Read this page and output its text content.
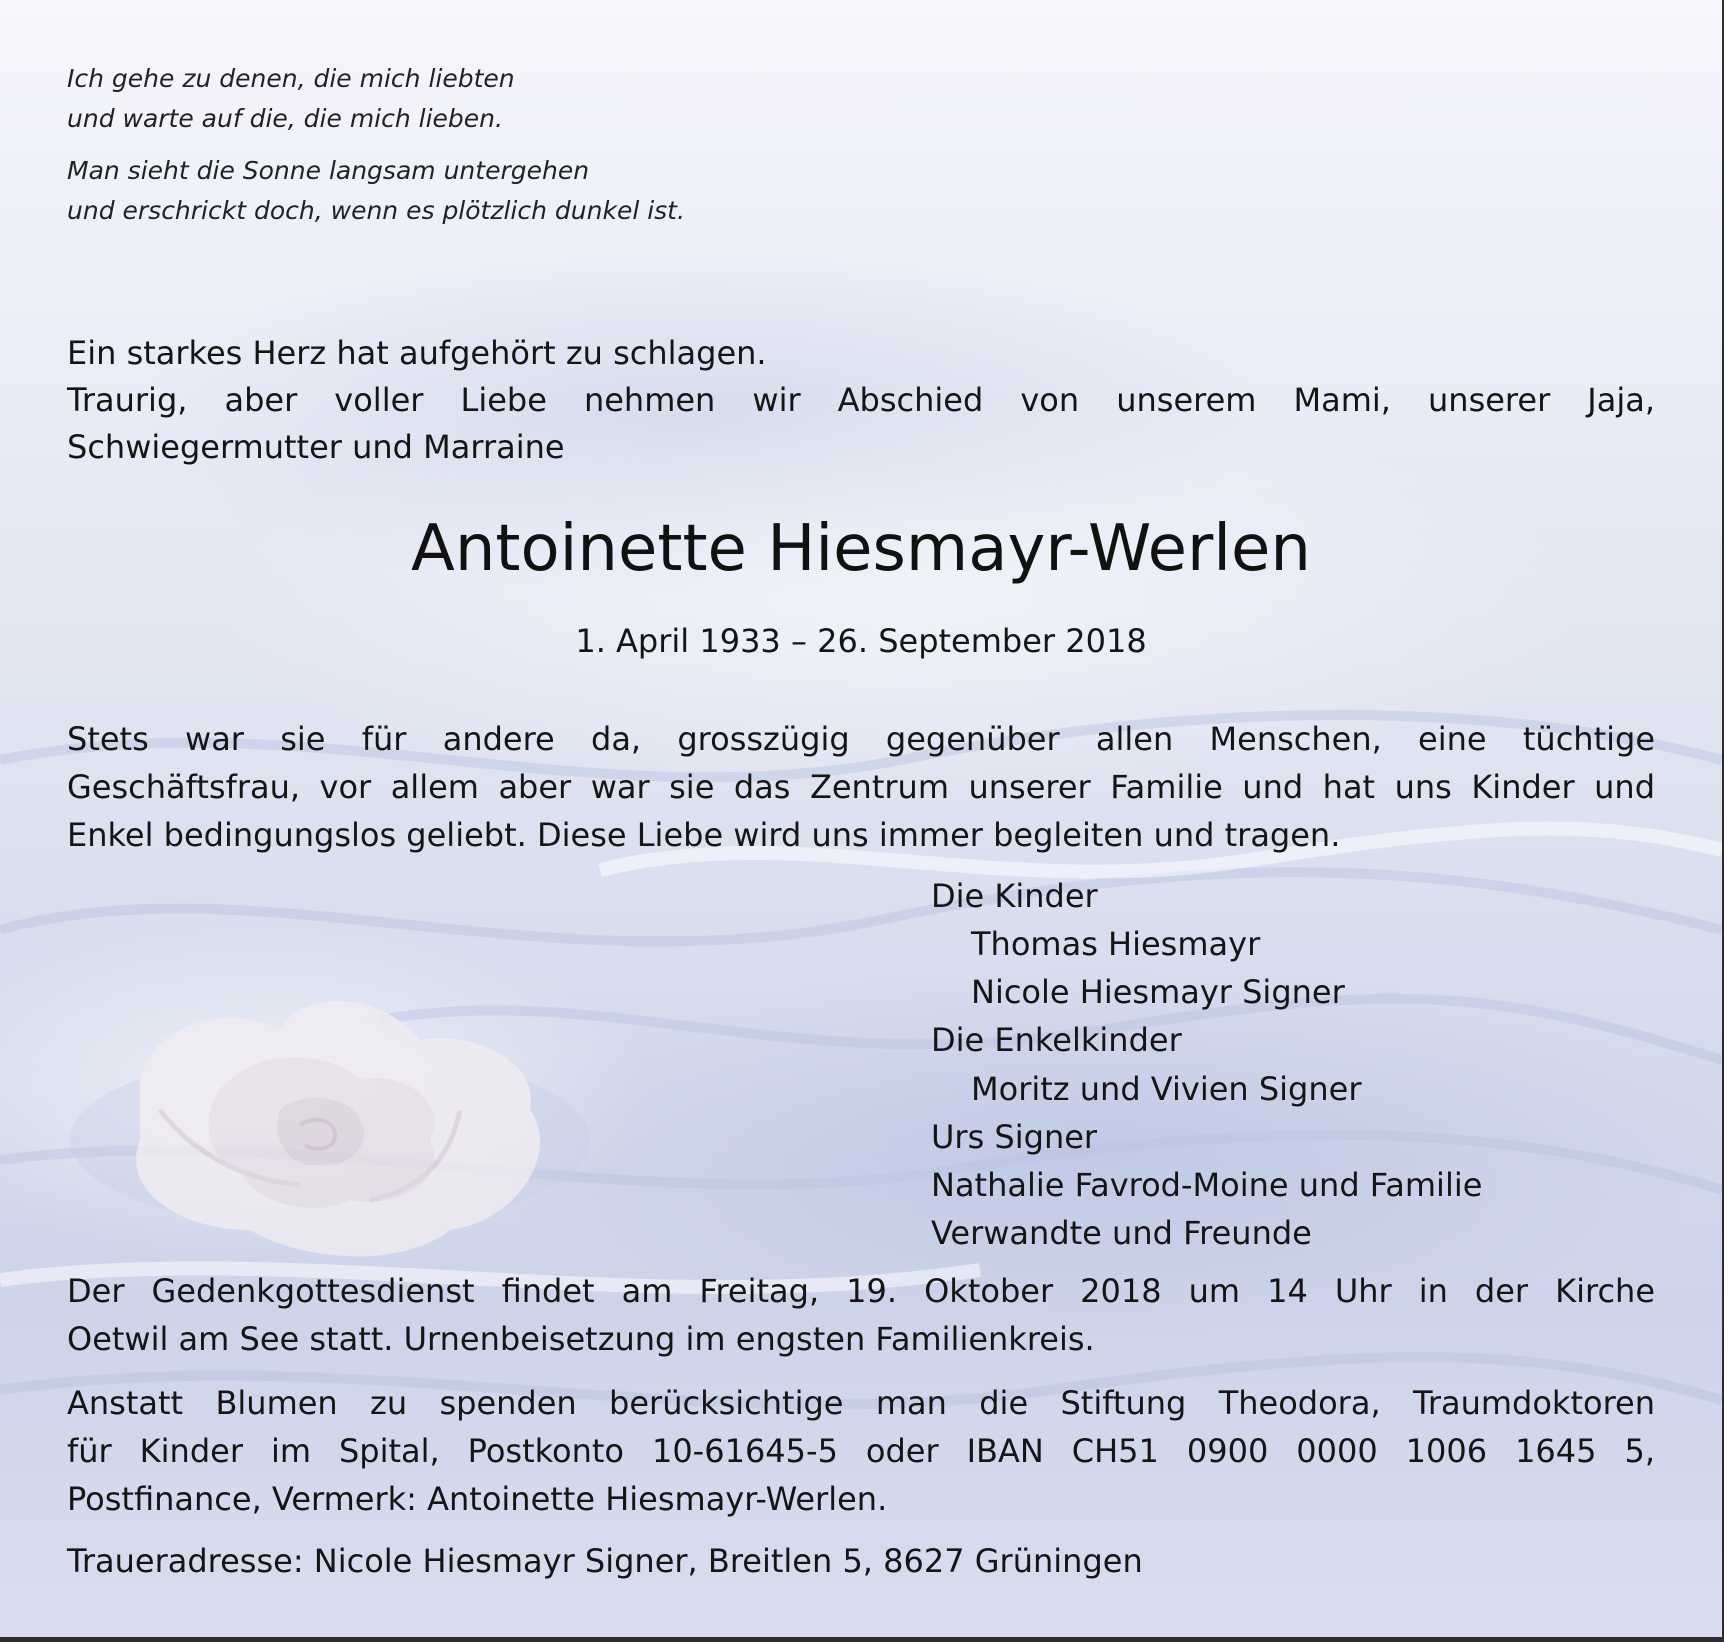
Ich gehe zu denen, die mich liebten
und warte auf die, die mich lieben.
Man sieht die Sonne langsam untergehen
und erschrickt doch, wenn es plötzlich dunkel ist.
Ein starkes Herz hat aufgehört zu schlagen.
Traurig, aber voller Liebe nehmen wir Abschied von unserem Mami, unserer Jaja,
Schwiegermutter und Marraine
Antoinette Hiesmayr-Werlen
1. April 1933 – 26. September 2018
Stets war sie für andere da, grosszügig gegenüber allen Menschen, eine tüchtige
Geschäftsfrau, vor allem aber war sie das Zentrum unserer Familie und hat uns Kinder und
Enkel bedingungslos geliebt. Diese Liebe wird uns immer begleiten und tragen.
Die Kinder
Thomas Hiesmayr
Nicole Hiesmayr Signer
Die Enkelkinder
Moritz und Vivien Signer
Urs Signer
Nathalie Favrod-Moine und Familie
Verwandte und Freunde
Der Gedenkgottesdienst findet am Freitag, 19. Oktober 2018 um 14 Uhr in der Kirche
Oetwil am See statt. Urnenbeisetzung im engsten Familienkreis.
Anstatt Blumen zu spenden berücksichtige man die Stiftung Theodora, Traumdoktoren
für Kinder im Spital, Postkonto 10-61645-5 oder IBAN CH51 0900 0000 1006 1645 5,
Postfinance, Vermerk: Antoinette Hiesmayr-Werlen.
Traueradresse: Nicole Hiesmayr Signer, Breitlen 5, 8627 Grüningen
